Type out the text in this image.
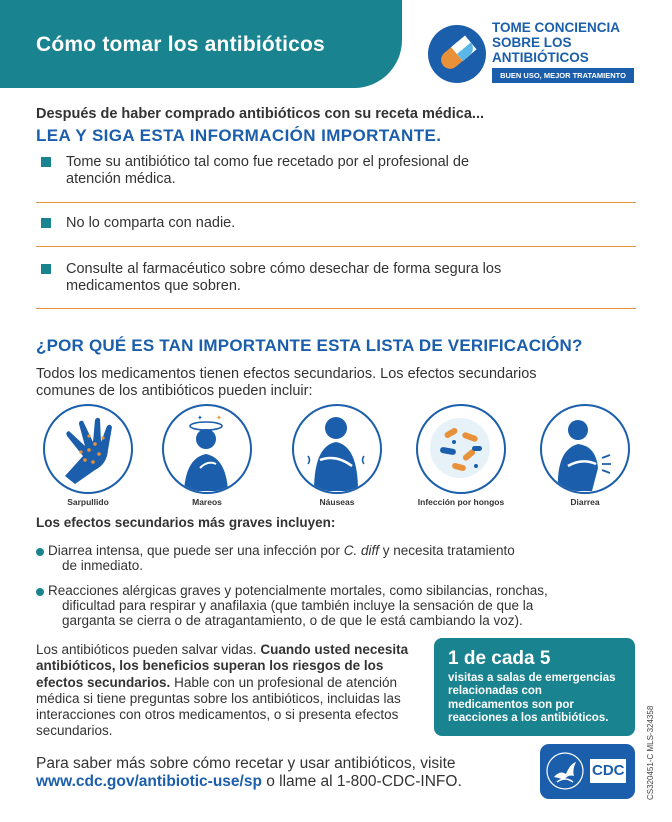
Cómo tomar los antibióticos
TOME CONCIENCIA
SOBRE LOS
ANTIBIÓTICOS
BUEN USO, MEJOR TRATAMIENTO
Después de haber comprado antibióticos con su receta médica...
LEA Y SIGA ESTA INFORMACIÓN IMPORTANTE.
Tome su antibiótico tal como fue recetado por el profesional de
atención médica.
No lo comparta con nadie.
Consulte al farmacéutico sobre cómo desechar de forma segura los
medicamentos que sobren.
¿POR QUÉ ES TAN IMPORTANTE ESTA LISTA DE VERIFICACIÓN?
Todos los medicamentos tienen efectos secundarios. Los efectos secundarios
comunes de los antibióticos pueden incluir:
Sarpullido
✦ ✦
Mareos	Náuseas	Infección por hongos	Diarrea
Los efectos secundarios más graves incluyen:
Diarrea intensa, que puede ser una infección por C. diff y necesita tratamiento
de inmediato.
Reacciones alérgicas graves y potencialmente mortales, como sibilancias, ronchas,
dificultad para respirar y anafilaxia (que también incluye la sensación de que la
garganta se cierra o de atragantamiento, o de que le está cambiando la voz).
Los antibióticos pueden salvar vidas. Cuando usted necesita antibióticos, los beneficios superan los riesgos de los efectos secundarios. Hable con un profesional de atención médica si tiene preguntas sobre los antibióticos, incluidas las interacciones con otros medicamentos, o si presenta efectos secundarios.
1 de cada 5
visitas a salas de emergencias relacionadas con medicamentos son por reacciones a los antibióticos.
Para saber más sobre cómo recetar y usar antibióticos, visite
www.cdc.gov/antibiotic-use/sp o llame al 1-800-CDC-INFO.
CDC	CS320451-C MLS-324358
